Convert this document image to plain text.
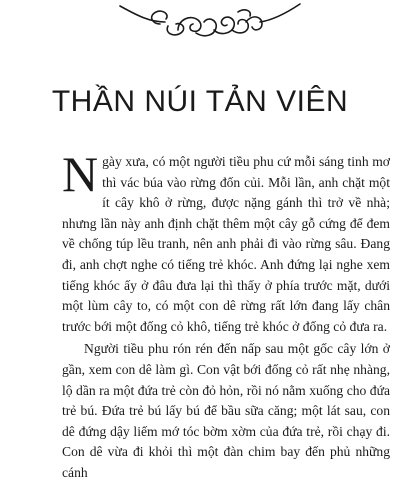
THẦN NÚI TẢN VIÊN

Ngày xưa, có một người tiều phu cứ mỗi sáng tinh mơ thì vác búa vào rừng đốn củi. Mỗi lần, anh chặt một ít cây khô ở rừng, được nặng gánh thì trở về nhà; nhưng lần này anh định chặt thêm một cây gỗ cứng để đem về chống túp lều tranh, nên anh phải đi vào rừng sâu. Đang đi, anh chợt nghe có tiếng trẻ khóc. Anh đứng lại nghe xem tiếng khóc ấy ở đâu đưa lại thì thấy ở phía trước mặt, dưới một lùm cây to, có một con dê rừng rất lớn đang lấy chân trước bới một đống cỏ khô, tiếng trẻ khóc ở đống cỏ đưa ra.

Người tiều phu rón rén đến nấp sau một gốc cây lớn ở gần, xem con dê làm gì. Con vật bới đống cỏ rất nhẹ nhàng, lộ dần ra một đứa trẻ còn đỏ hỏn, rồi nó nằm xuống cho đứa trẻ bú. Đứa trẻ bú lấy bú để bầu sữa căng; một lát sau, con dê đứng dậy liếm mớ tóc bờm xờm của đứa trẻ, rồi chạy đi. Con dê vừa đi khỏi thì một đàn chim bay đến phủ những cánh
